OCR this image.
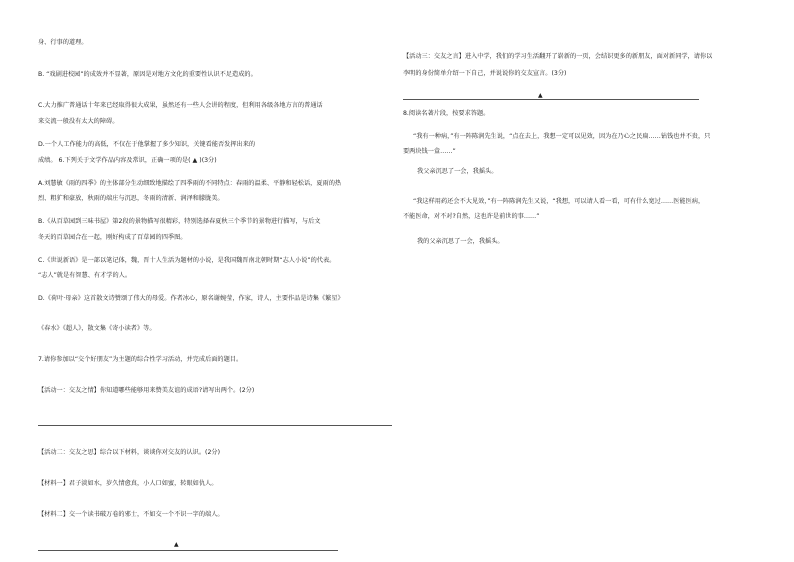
身、行事的道理。
B. “戏剧进校园”的成效并不显著，原因是对地方文化的重要性认识不足造成的。
C.大力推广普通话十年来已经取得很大成果，虽然还有一些人会讲的程度，但利用各级各地方言的普通话
来交流一般没有太大的障碍。
D.一个人工作能力的高低，不仅在于他掌握了多少知识，关键看能否发挥出来的
成绩。 6.下列关于文学作品内容及常识，正确一项的是( ▲ )(3分)
A.刘慧敏《雨的四季》的主体部分生动细致地描绘了四季雨的不同特点：春雨的温柔、平静和轻松话，夏雨的热
烈、粗犷和豪放，秋雨的端庄与沉思，冬雨的清新、润泽和朦胧美。
B.《从百草园到三味书屋》第2段的景物描写很精彩，特别选择春夏秋三个季节的景物进行描写，与后文
冬天的百草园合在一起，刚好构成了百草园的四季图。
C.《世说新语》是一部以笔记体，魏，晋十人生活为题材的小说，是我国魏晋南北朝时期“志人小说”的代表。
“志人”就是有智慧、有才学的人。
D.《荷叶·母亲》这首散文诗赞颂了伟大的母爱。作者冰心，原名谢婉莹，作家，诗人，主要作品是诗集《繁星》
《春水》《超人》，散文集《寄小读者》等。
7.请你参加以“交个好朋友”为主题的综合性学习活动，并完成后面的题目。
【活动一：交友之情】你知道哪些能够用来赞美友谊的成语?请写出两个。(2分)
【活动二：交友之思】综合以下材料，谈谈你对交友的认识。(2分)
【材料一】君子淡如水，岁久情愈真，小人口如蜜，转眼如仇人。
【材料二】交一个读书破万卷的邪士，不如交一个不识一字的端人。
▲
【活动三：交友之言】进入中学，我们的学习生活翻开了崭新的一页，会结识更多的新朋友，面对新同学，请你以
李明的身份简单介绍一下自己，并说说你的交友宣言。(3分)
▲
8.阅读名著片段，按要求答题。
“我有一种病，”有一阵陈润先生说，“点在去上，我想一定可以见效，因为在乃心之民扁……钻钱也并不贵，只
要两块钱一盒……”
我父亲沉思了一会，我摇头。
“我这样用药还会不大见效，”有一阵陈润先生又说，“我想，可以请人看一看，可有什么宽过……医能医病，
不能医命，对不对?自然，这也许是前世的事……”
我的父亲沉思了一会，我摇头。
